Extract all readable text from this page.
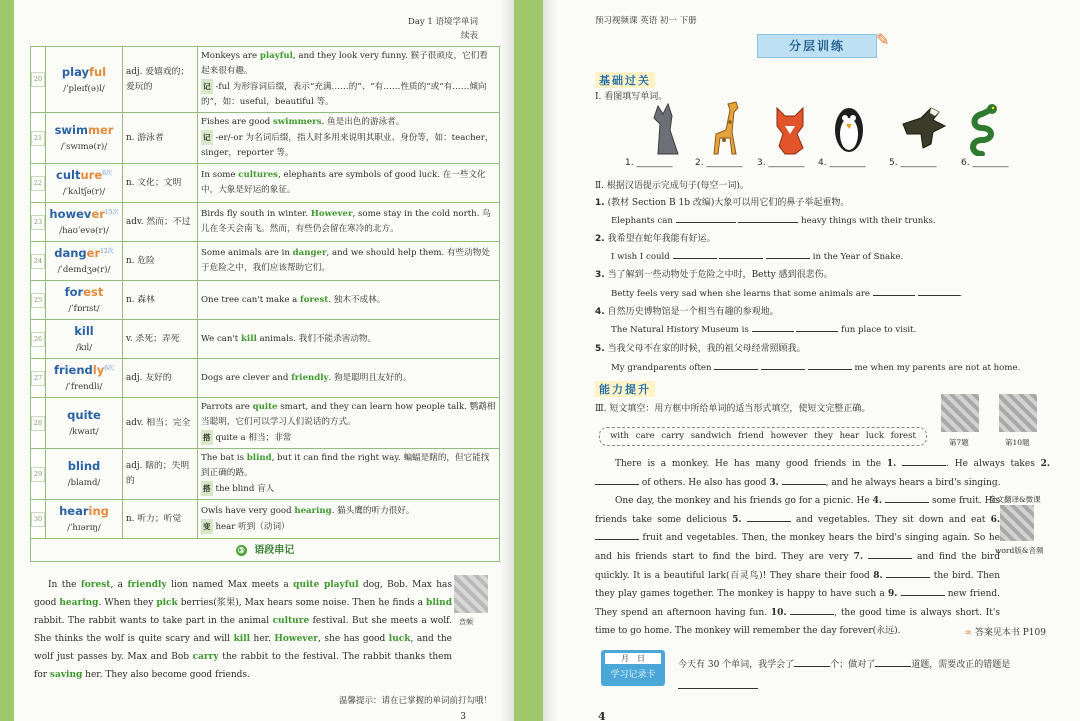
Day 1 语境学单词
续表
20	playful
/ˈpleɪf(ə)l/	adj. 爱嬉戏的；爱玩的	Monkeys are playful, and they look very funny. 猴子很顽皮，它们看起来很有趣。
记 -ful 为形容词后缀，表示“充满……的”、“有……性质的”或“有……倾向的”，如：useful，beautiful 等。
21	swimmer
/ˈswɪmə(r)/	n. 游泳者	Fishes are good swimmers. 鱼是出色的游泳者。
记 -er/-or 为名词后缀，指人时多用来说明其职业、身份等，如：teacher，singer，reporter 等。
22	culture$^{6次}$
/ˈkʌltʃə(r)/	n. 文化；文明	In some cultures, elephants are symbols of good luck. 在一些文化中，大象是好运的象征。
23	however$^{15次}$
/haʊˈevə(r)/	adv. 然而；不过	Birds fly south in winter. However, some stay in the cold north. 鸟儿在冬天会南飞。然而，有些仍会留在寒冷的北方。
24	danger$^{12次}$
/ˈdeɪndʒə(r)/	n. 危险	Some animals are in danger, and we should help them. 有些动物处于危险之中，我们应该帮助它们。
25	forest
/ˈfɒrɪst/	n. 森林	One tree can't make a forest. 独木不成林。
26	kill
/kɪl/	v. 杀死；弄死	We can't kill animals. 我们不能杀害动物。
27	friendly$^{6次}$
/ˈfrendli/	adj. 友好的	Dogs are clever and friendly. 狗是聪明且友好的。
28	quite
/kwaɪt/	adv. 相当；完全	Parrots are quite smart, and they can learn how people talk. 鹦鹉相当聪明，它们可以学习人们说话的方式。
搭 quite a 相当；非常
29	blind
/blaɪnd/	adj. 瞎的；失明的	The bat is blind, but it can find the right way. 蝙蝠是瞎的，但它能找到正确的路。
搭 the blind 盲人
30	hearing
/ˈhɪərɪŋ/	n. 听力；听觉	Owls have very good hearing. 猫头鹰的听力很好。
变 hear 听到（动词）
③ 语段串记			
In the forest, a friendly lion named Max meets a quite playful dog, Bob. Max has good hearing. When they pick berries(浆果), Max hears some noise. Then he finds a blind rabbit. The rabbit wants to take part in the animal culture festival. But she meets a wolf. She thinks the wolf is quite scary and will kill her. However, she has good luck, and the wolf just passes by. Max and Bob carry the rabbit to the festival. The rabbit thanks them for saving her. They also become good friends.
音频
温馨提示：请在已掌握的单词前打勾哦！
3
预习视频课 英语 初一 下册
分层训练	✎
基础过关
Ⅰ. 看图填写单词。
1. ________	2. ________ 3. ________ 4. ________	5. ________	6. ________
Ⅱ. 根据汉语提示完成句子(每空一词)。
1. (教材 Section B 1b 改编)大象可以用它们的鼻子举起重物。
Elephants can	heavy things with their trunks.
2. 我希望在蛇年我能有好运。
I wish I could	in the Year of Snake.
3. 当了解到一些动物处于危险之中时，Betty 感到很悲伤。
Betty feels very sad when she learns that some animals are	.
4. 自然历史博物馆是一个相当有趣的参观地。
The Natural History Museum is	fun place to visit.
5. 当我父母不在家的时候，我的祖父母经常照顾我。
My grandparents often	me when my parents are not at home.
能力提升
Ⅲ. 短文填空：用方框中所给单词的适当形式填空，使短文完整正确。
with care carry sandwich friend however they hear luck forest
第7题	第10题
全文翻译&微课
word版&音频

There is a monkey. He has many good friends in the 1.	. He always takes 2.  of others. He also has good 3.	, and he always hears a bird's singing.

One day, the monkey and his friends go for a picnic. He 4.	some fruit. His friends take some delicious 5.	and vegetables. They sit down and eat 6.  fruit and vegetables. Then, the monkey hears the bird's singing again. So he and his friends start to find the bird. They are very 7.	and find the bird quickly. It is a beautiful lark(百灵鸟)! They share their food 8.	the bird. Then they play games together. The monkey is happy to have such a 9.	new friend. They spend an afternoon having fun. 10.	, the good time is always short. It's time to go home. The monkey will remember the day forever(永远).	∞ 答案见本书 P109
月　日
学习记录卡
今天有 30 个单词，我学会了	个；做对了	道题，需要改正的错题是

4
